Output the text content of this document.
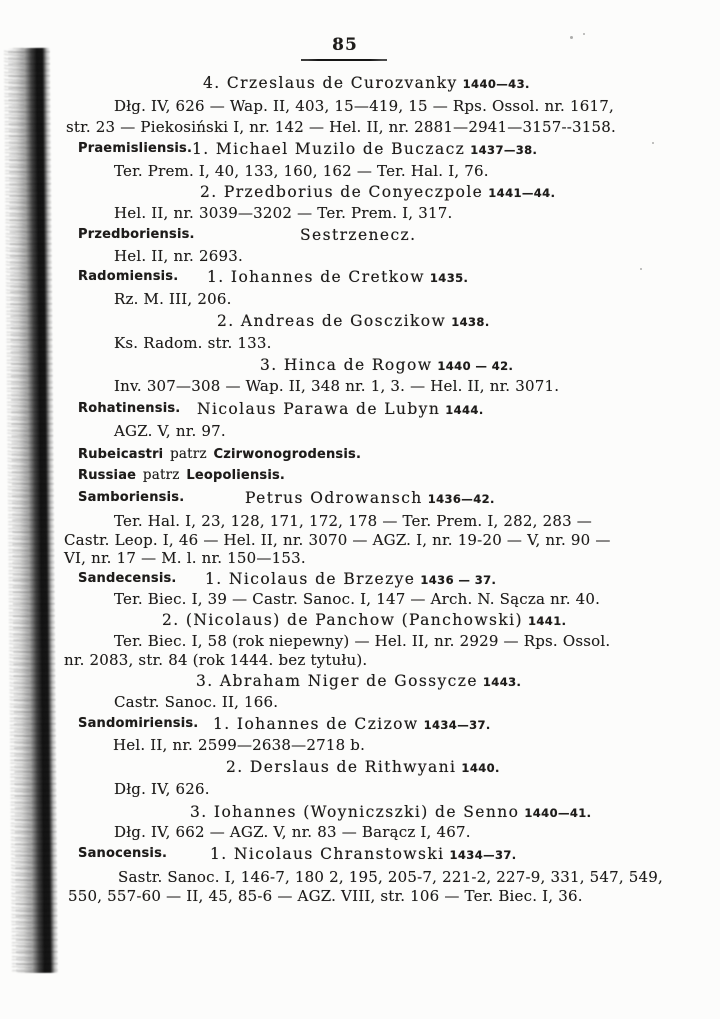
85
4. Crzeslaus de Curozvanky 1440—43.
Dłg. IV, 626 — Wap. II, 403, 15—419, 15 — Rps. Ossol. nr. 1617,
str. 23 — Piekosiński I, nr. 142 — Hel. II, nr. 2881—2941—3157--3158.
Praemisliensis. 1. Michael Muzilo de Buczacz 1437—38.
Ter. Prem. I, 40, 133, 160, 162 — Ter. Hal. I, 76.
2. Przedborius de Conyeczpole 1441—44.
Hel. II, nr. 3039—3202 — Ter. Prem. I, 317.
Przedboriensis.	Sestrzenecz.
Hel. II, nr. 2693.
Radomiensis. 1. Iohannes de Cretkow 1435.
Rz. M. III, 206.
2. Andreas de Gosczikow 1438.
Ks. Radom. str. 133.
3. Hinca de Rogow 1440 — 42.
Inv. 307—308 — Wap. II, 348 nr. 1, 3. — Hel. II, nr. 3071.
Rohatinensis. Nicolaus Parawa de Lubyn 1444.
AGZ. V, nr. 97.
Rubeicastri patrz Czirwonogrodensis.
Russiae patrz Leopoliensis.
Samboriensis.	Petrus Odrowansch 1436—42.
Ter. Hal. I, 23, 128, 171, 172, 178 — Ter. Prem. I, 282, 283 —
Castr. Leop. I, 46 — Hel. II, nr. 3070 — AGZ. I, nr. 19-20 — V, nr. 90 —
VI, nr. 17 — M. l. nr. 150—153.
Sandecensis. 1. Nicolaus de Brzezye 1436 — 37.
Ter. Biec. I, 39 — Castr. Sanoc. I, 147 — Arch. N. Sącza nr. 40.
2. (Nicolaus) de Panchow (Panchowski) 1441.
Ter. Biec. I, 58 (rok niepewny) — Hel. II, nr. 2929 — Rps. Ossol.
nr. 2083, str. 84 (rok 1444. bez tytułu).
3. Abraham Niger de Gossycze 1443.
Castr. Sanoc. II, 166.
Sandomiriensis. 1. Iohannes de Czizow 1434—37.
Hel. II, nr. 2599—2638—2718 b.
2. Derslaus de Rithwyani 1440.
Dłg. IV, 626.
3. Iohannes (Woyniczszki) de Senno 1440—41.
Dłg. IV, 662 — AGZ. V, nr. 83 — Barącz I, 467.
Sanocensis.	1. Nicolaus Chranstowski 1434—37.
Sastr. Sanoc. I, 146-7, 180 2, 195, 205-7, 221-2, 227-9, 331, 547, 549,
550, 557-60 — II, 45, 85-6 — AGZ. VIII, str. 106 — Ter. Biec. I, 36.
